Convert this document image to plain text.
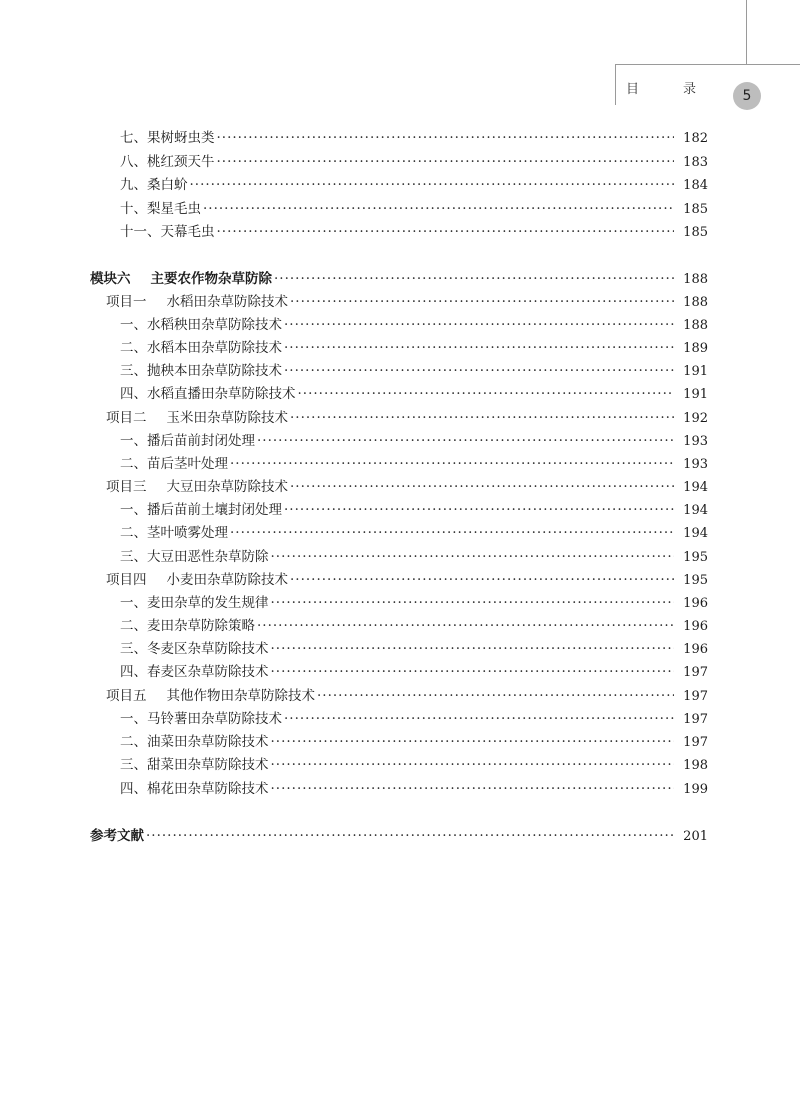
目	录	5
七、果树蚜虫类 ·····	182
八、桃红颈天牛 ·····	183
九、桑白蚧 ·····	184
十、梨星毛虫 ·····	185
十一、天幕毛虫 ·····	185
模块六 主要农作物杂草防除 ·····	188
项目一 水稻田杂草防除技术 ·····	188
一、水稻秧田杂草防除技术 ·····	188
二、水稻本田杂草防除技术 ·····	189
三、抛秧本田杂草防除技术 ·····	191
四、水稻直播田杂草防除技术 ·····	191
项目二 玉米田杂草防除技术 ·····	192
一、播后苗前封闭处理 ·····	193
二、苗后茎叶处理 ·····	193
项目三 大豆田杂草防除技术 ·····	194
一、播后苗前土壤封闭处理 ·····	194
二、茎叶喷雾处理 ·····	194
三、大豆田恶性杂草防除 ·····	195
项目四 小麦田杂草防除技术 ·····	195
一、麦田杂草的发生规律 ·····	196
二、麦田杂草防除策略 ·····	196
三、冬麦区杂草防除技术 ·····	196
四、春麦区杂草防除技术 ·····	197
项目五 其他作物田杂草防除技术 ·····	197
一、马铃薯田杂草防除技术 ·····	197
二、油菜田杂草防除技术 ·····	197
三、甜菜田杂草防除技术 ·····	198
四、棉花田杂草防除技术 ·····	199
参考文献 ·····	201
